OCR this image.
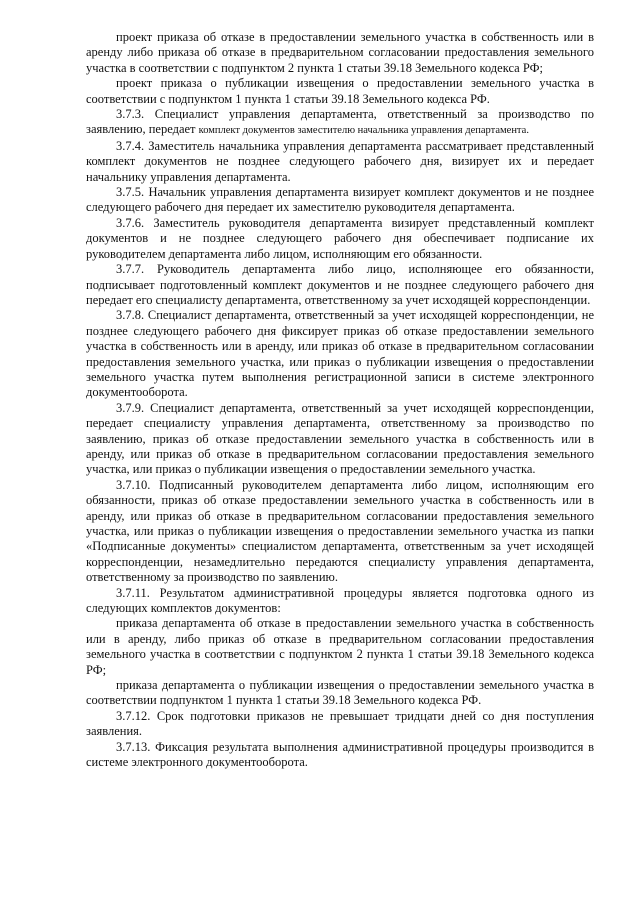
проект приказа об отказе в предоставлении земельного участка в собственность или в аренду либо приказа об отказе в предварительном согласовании предоставления земельного участка в соответствии с подпунктом 2 пункта 1 статьи 39.18 Земельного кодекса РФ;

проект приказа о публикации извещения о предоставлении земельного участка в соответствии с подпунктом 1 пункта 1 статьи 39.18 Земельного кодекса РФ.

3.7.3. Специалист управления департамента, ответственный за производство по заявлению, передает комплект документов заместителю начальника управления департамента.

3.7.4. Заместитель начальника управления департамента рассматривает представленный комплект документов не позднее следующего рабочего дня, визирует их и передает начальнику управления департамента.

3.7.5. Начальник управления департамента визирует комплект документов и не позднее следующего рабочего дня передает их заместителю руководителя департамента.

3.7.6. Заместитель руководителя департамента визирует представленный комплект документов и не позднее следующего рабочего дня обеспечивает подписание их руководителем департамента либо лицом, исполняющим его обязанности.

3.7.7. Руководитель департамента либо лицо, исполняющее его обязанности, подписывает подготовленный комплект документов и не позднее следующего рабочего дня передает его специалисту департамента, ответственному за учет исходящей корреспонденции.

3.7.8. Специалист департамента, ответственный за учет исходящей корреспонденции, не позднее следующего рабочего дня фиксирует приказ об отказе предоставлении земельного участка в собственность или в аренду, или приказ об отказе в предварительном согласовании предоставления земельного участка, или приказ о публикации извещения о предоставлении земельного участка путем выполнения регистрационной записи в системе электронного документооборота.

3.7.9. Специалист департамента, ответственный за учет исходящей корреспонденции, передает специалисту управления департамента, ответственному за производство по заявлению, приказ об отказе предоставлении земельного участка в собственность или в аренду, или приказ об отказе в предварительном согласовании предоставления земельного участка, или приказ о публикации извещения о предоставлении земельного участка.

3.7.10. Подписанный руководителем департамента либо лицом, исполняющим его обязанности, приказ об отказе предоставлении земельного участка в собственность или в аренду, или приказ об отказе в предварительном согласовании предоставления земельного участка, или приказ о публикации извещения о предоставлении земельного участка из папки «Подписанные документы» специалистом департамента, ответственным за учет исходящей корреспонденции, незамедлительно передаются специалисту управления департамента, ответственному за производство по заявлению.

3.7.11. Результатом административной процедуры является подготовка одного из следующих комплектов документов:

приказа департамента об отказе в предоставлении земельного участка в собственность или в аренду, либо приказ об отказе в предварительном согласовании предоставления земельного участка в соответствии с подпунктом 2 пункта 1 статьи 39.18 Земельного кодекса РФ;

приказа департамента о публикации извещения о предоставлении земельного участка в соответствии подпунктом 1 пункта 1 статьи 39.18 Земельного кодекса РФ.

3.7.12. Срок подготовки приказов не превышает тридцати дней со дня поступления заявления.

3.7.13. Фиксация результата выполнения административной процедуры производится в системе электронного документооборота.
